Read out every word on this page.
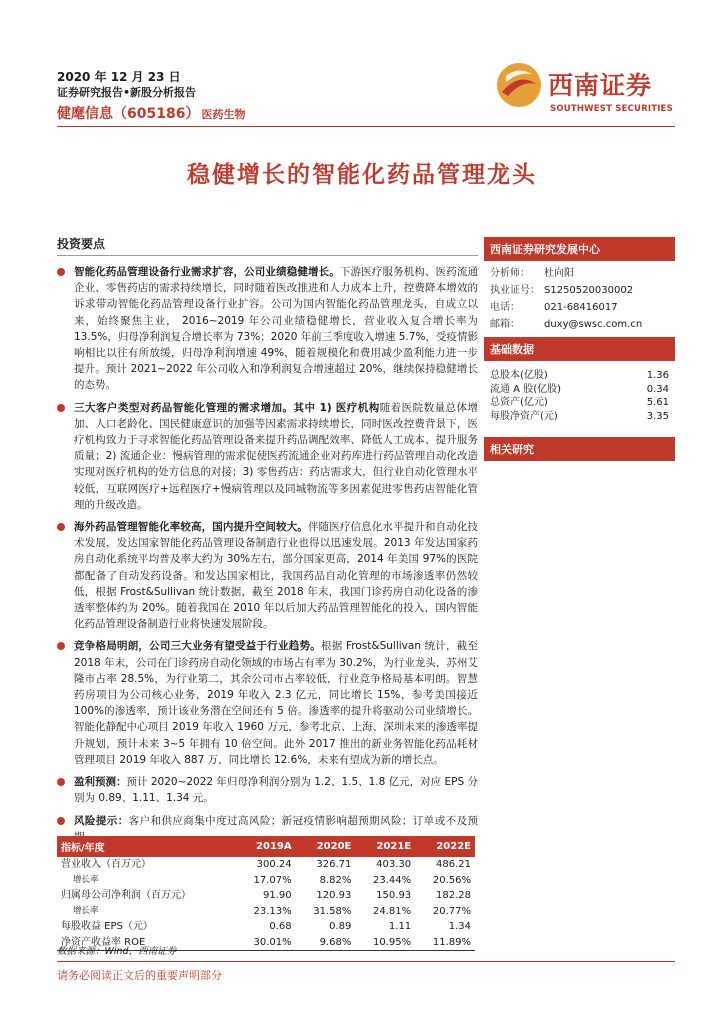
2020 年 12 月 23 日
证券研究报告•新股分析报告
健麾信息（605186） 医药生物
西南证券
SOUTHWEST SECURITIES
稳健增长的智能化药品管理龙头
投资要点
智能化药品管理设备行业需求扩容，公司业绩稳健增长。下游医疗服务机构、医药流通企业、零售药店的需求持续增长，同时随着医改推进和人力成本上升，控费降本增效的诉求带动智能化药品管理设备行业扩容。公司为国内智能化药品管理龙头，自成立以来，始终聚焦主业， 2016~2019 年公司业绩稳健增长，营业收入复合增长率为 13.5%，归母净利润复合增长率为 73%；2020 年前三季度收入增速 5.7%，受疫情影响相比以往有所放缓，归母净利润增速 49%，随着规模化和费用减少盈利能力进一步提升。预计 2021~2022 年公司收入和净利润复合增速超过 20%，继续保持稳健增长的态势。
三大客户类型对药品智能化管理的需求增加。其中 1) 医疗机构随着医院数量总体增加、人口老龄化、国民健康意识的加强等因素需求持续增长，同时医改控费背景下，医疗机构致力于寻求智能化药品管理设备来提升药品调配效率、降低人工成本、提升服务质量；2) 流通企业：慢病管理的需求促使医药流通企业对药库进行药品管理自动化改造实现对医疗机构的处方信息的对接；3) 零售药店：药店需求大，但行业自动化管理水平较低，互联网医疗+远程医疗+慢病管理以及同城物流等多因素促进零售药店智能化管理的升级改造。
海外药品管理智能化率较高，国内提升空间较大。伴随医疗信息化水平提升和自动化技术发展，发达国家智能化药品管理设备制造行业也得以迅速发展。2013 年发达国家药房自动化系统平均普及率大约为 30%左右，部分国家更高，2014 年美国 97%的医院都配备了自动发药设备。和发达国家相比，我国药品自动化管理的市场渗透率仍然较低，根据 Frost&Sullivan 统计数据，截至 2018 年末，我国门诊药房自动化设备的渗透率整体约为 20%。随着我国在 2010 年以后加大药品管理智能化的投入，国内智能化药品管理设备制造行业将快速发展阶段。
竞争格局明朗，公司三大业务有望受益于行业趋势。根据 Frost&Sullivan 统计，截至 2018 年末，公司在门诊药房自动化领域的市场占有率为 30.2%，为行业龙头，苏州艾隆市占率 28.5%，为行业第二，其余公司市占率较低，行业竞争格局基本明朗。智慧药房项目为公司核心业务，2019 年收入 2.3 亿元，同比增长 15%，参考美国接近 100%的渗透率，预计该业务潜在空间还有 5 倍。渗透率的提升将驱动公司业绩增长。智能化静配中心项目 2019 年收入 1960 万元，参考北京、上海、深圳未来的渗透率提升规划，预计未来 3~5 年拥有 10 倍空间。此外 2017 推出的新业务智能化药品耗材管理项目 2019 年收入 887 万，同比增长 12.6%，未来有望成为新的增长点。
盈利预测：预计 2020~2022 年归母净利润分别为 1.2、1.5、1.8 亿元，对应 EPS 分别为 0.89、1.11、1.34 元。
风险提示：客户和供应商集中度过高风险；新冠疫情影响超预期风险；订单或不及预
西南证券研究发展中心
分析师： 杜向阳
执业证号： S1250520030002
电话： 021-68416017
邮箱： duxy@swsc.com.cn
基础数据
总股本(亿股)	1.36
流通 A 股(亿股)	0.34
总资产(亿元)	5.61
每股净资产(元)	3.35
相关研究
指标/年度	2019A	2020E	2021E	2022E
营业收入（百万元）	300.24	326.71	403.30	486.21
增长率	17.07%	8.82%	23.44%	20.56%
归属母公司净利润（百万元）	91.90	120.93	150.93	182.28
增长率	23.13%	31.58%	24.81%	20.77%
每股收益 EPS（元）	0.68	0.89	1.11	1.34
净资产收益率 ROE	30.01%	9.68%	10.95%	11.89%
数据来源：Wind，西南证券
请务必阅读正文后的重要声明部分
